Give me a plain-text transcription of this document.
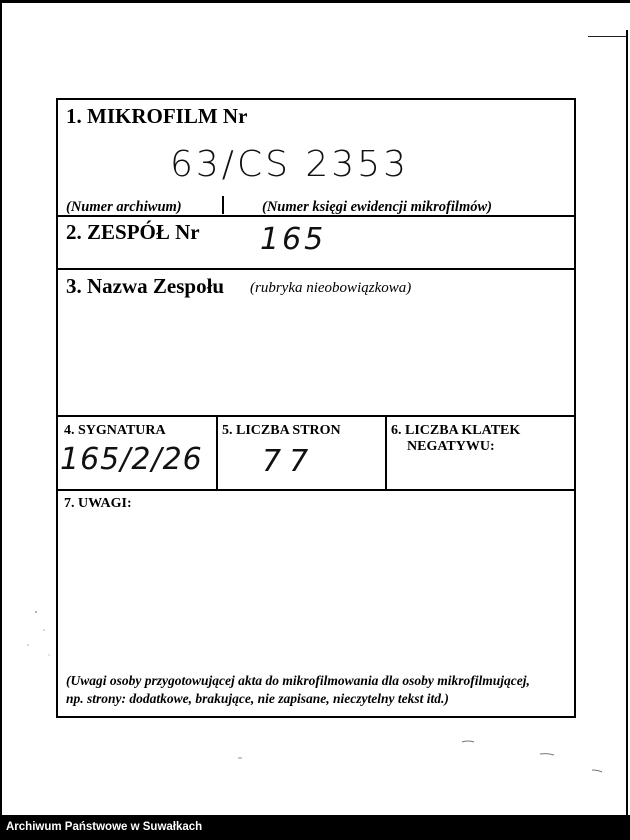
1. MIKROFILM Nr
63/CS 2353
(Numer archiwum)	(Numer księgi ewidencji mikrofilmów)
2. ZESPÓŁ Nr 165
3. Nazwa Zespołu (rubryka nieobowiązkowa)
4. SYGNATURA
165/2/26
5. LICZBA STRON
77
6. LICZBA KLATEK
NEGATYWU:
7. UWAGI:
(Uwagi osoby przygotowującej akta do mikrofilmowania dla osoby mikrofilmującej,
np. strony: dodatkowe, brakujące, nie zapisane, nieczytelny tekst itd.)
Archiwum Państwowe w Suwałkach
